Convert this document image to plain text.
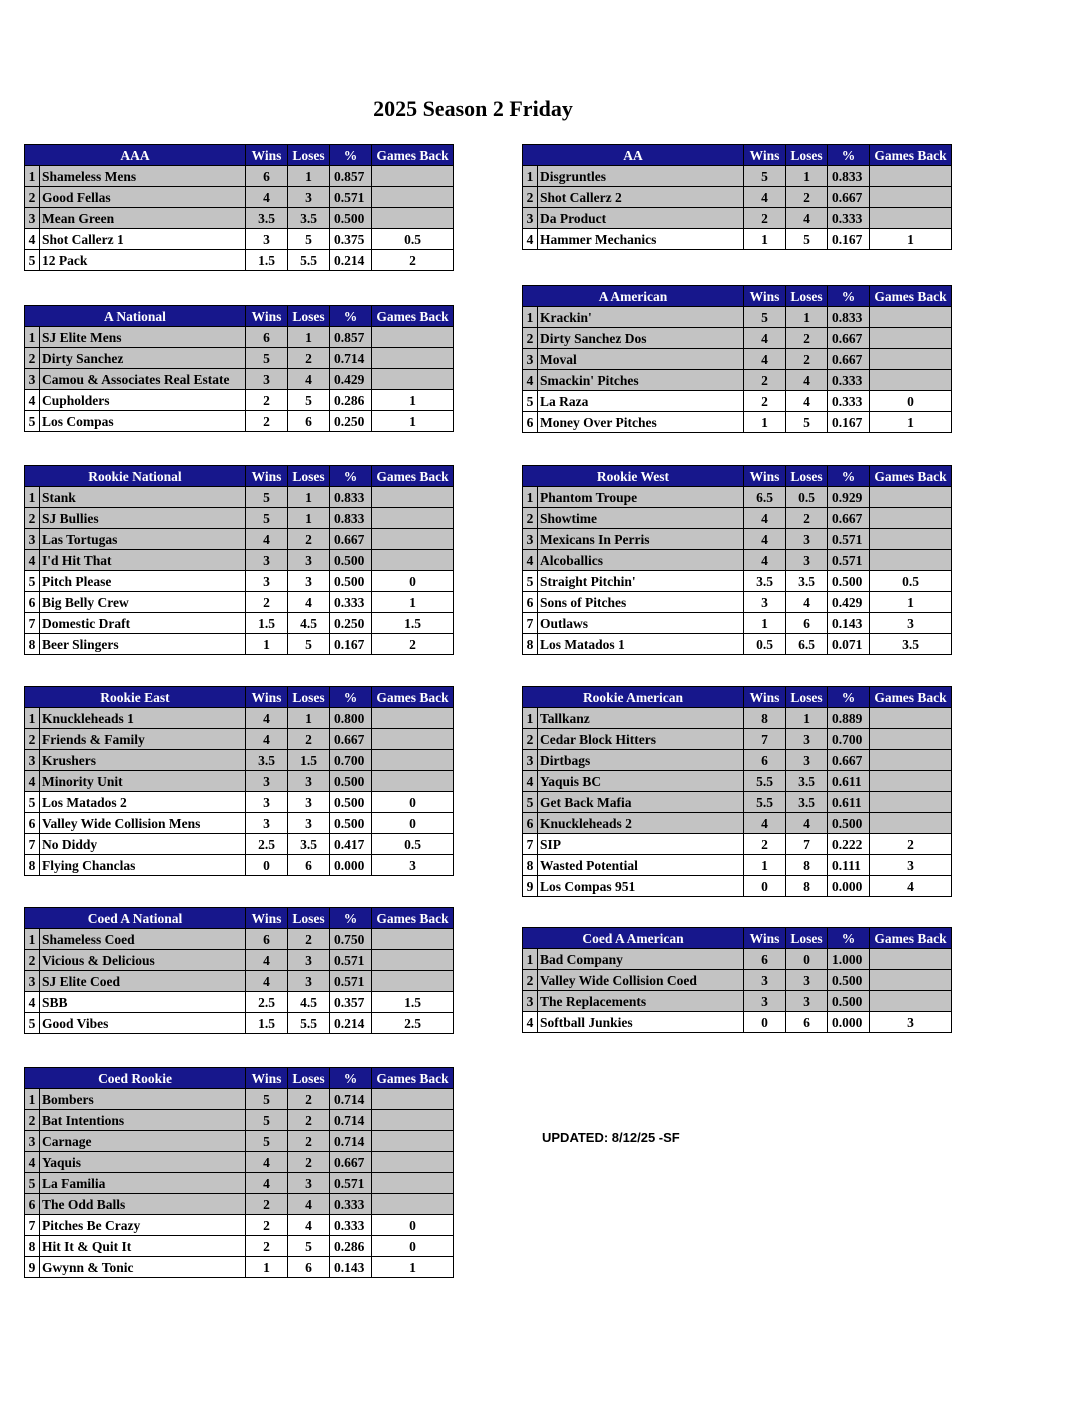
2025 Season 2 Friday
AAA		Wins	Loses	%	Games Back
1	Shameless Mens	6	1	0.857	
2	Good Fellas	4	3	0.571	
3	Mean Green	3.5	3.5	0.500	
4	Shot Callerz 1	3	5	0.375	0.5
5	12 Pack	1.5	5.5	0.214	2
AA		Wins	Loses	%	Games Back
1	Disgruntles	5	1	0.833	
2	Shot Callerz 2	4	2	0.667	
3	Da Product	2	4	0.333	
4	Hammer Mechanics	1	5	0.167	1
A American		Wins	Loses	%	Games Back
1	Krackin'	5	1	0.833	
2	Dirty Sanchez Dos	4	2	0.667	
3	Moval	4	2	0.667	
4	Smackin' Pitches	2	4	0.333	
5	La Raza	2	4	0.333	0
6	Money Over Pitches	1	5	0.167	1
A National		Wins	Loses	%	Games Back
1	SJ Elite Mens	6	1	0.857	
2	Dirty Sanchez	5	2	0.714	
3	Camou & Associates Real Estate	3	4	0.429	
4	Cupholders	2	5	0.286	1
5	Los Compas	2	6	0.250	1
Rookie National		Wins	Loses	%	Games Back
1	Stank	5	1	0.833	
2	SJ Bullies	5	1	0.833	
3	Las Tortugas	4	2	0.667	
4	I'd Hit That	3	3	0.500	
5	Pitch Please	3	3	0.500	0
6	Big Belly Crew	2	4	0.333	1
7	Domestic Draft	1.5	4.5	0.250	1.5
8	Beer Slingers	1	5	0.167	2
Rookie West		Wins	Loses	%	Games Back
1	Phantom Troupe	6.5	0.5	0.929	
2	Showtime	4	2	0.667	
3	Mexicans In Perris	4	3	0.571	
4	Alcoballics	4	3	0.571	
5	Straight Pitchin'	3.5	3.5	0.500	0.5
6	Sons of Pitches	3	4	0.429	1
7	Outlaws	1	6	0.143	3
8	Los Matados 1	0.5	6.5	0.071	3.5
Rookie East		Wins	Loses	%	Games Back
1	Knuckleheads 1	4	1	0.800	
2	Friends & Family	4	2	0.667	
3	Krushers	3.5	1.5	0.700	
4	Minority Unit	3	3	0.500	
5	Los Matados 2	3	3	0.500	0
6	Valley Wide Collision Mens	3	3	0.500	0
7	No Diddy	2.5	3.5	0.417	0.5
8	Flying Chanclas	0	6	0.000	3
Rookie American		Wins	Loses	%	Games Back
1	Tallkanz	8	1	0.889	
2	Cedar Block Hitters	7	3	0.700	
3	Dirtbags	6	3	0.667	
4	Yaquis BC	5.5	3.5	0.611	
5	Get Back Mafia	5.5	3.5	0.611	
6	Knuckleheads 2	4	4	0.500	
7	SIP	2	7	0.222	2
8	Wasted Potential	1	8	0.111	3
9	Los Compas 951	0	8	0.000	4
Coed A National		Wins	Loses	%	Games Back
1	Shameless Coed	6	2	0.750	
2	Vicious & Delicious	4	3	0.571	
3	SJ Elite Coed	4	3	0.571	
4	SBB	2.5	4.5	0.357	1.5
5	Good Vibes	1.5	5.5	0.214	2.5
Coed A American		Wins	Loses	%	Games Back
1	Bad Company	6	0	1.000	
2	Valley Wide Collision Coed	3	3	0.500	
3	The Replacements	3	3	0.500	
4	Softball Junkies	0	6	0.000	3
Coed Rookie		Wins	Loses	%	Games Back
1	Bombers	5	2	0.714	
2	Bat Intentions	5	2	0.714	
3	Carnage	5	2	0.714	
4	Yaquis	4	2	0.667	
5	La Familia	4	3	0.571	
6	The Odd Balls	2	4	0.333	
7	Pitches Be Crazy	2	4	0.333	0
8	Hit It & Quit It	2	5	0.286	0
9	Gwynn & Tonic	1	6	0.143	1
UPDATED: 8/12/25 -SF
